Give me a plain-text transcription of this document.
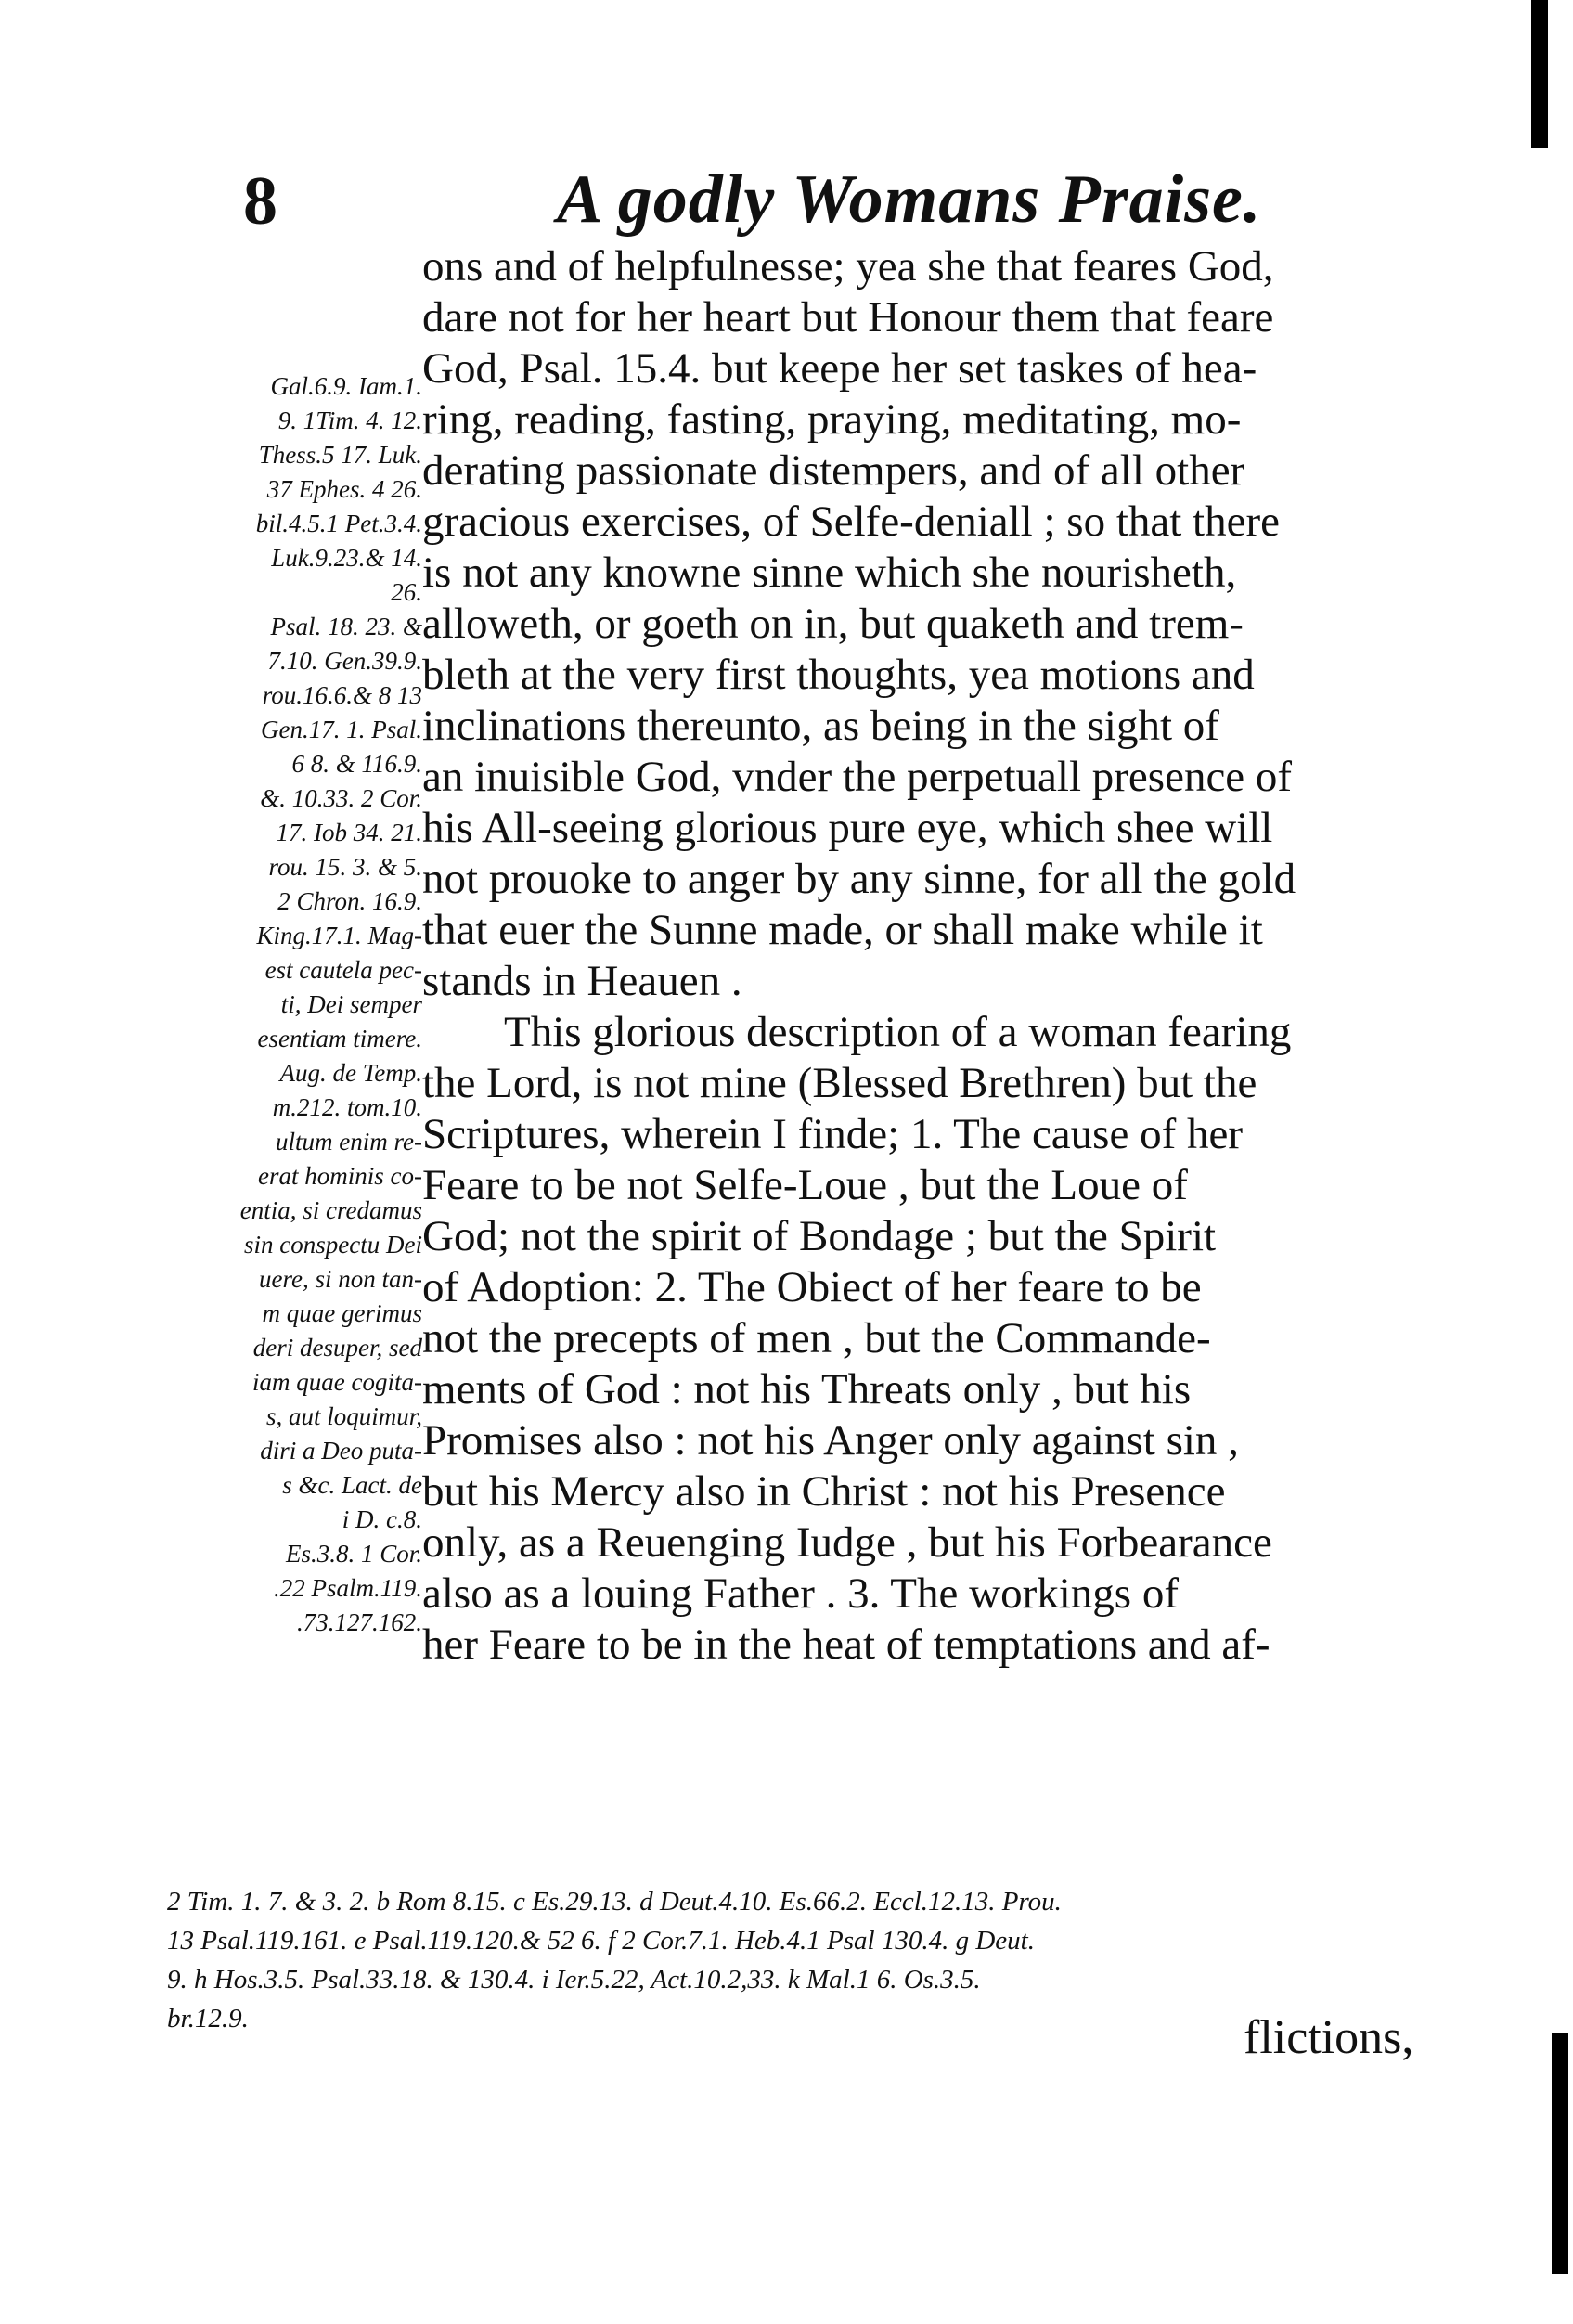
8	A godly Womans Praise.
Gal.6.9. Iam.1.
9. 1Tim. 4. 12.
Thess.5 17. Luk.
37 Ephes. 4 26.
bil.4.5.1 Pet.3.4.
Luk.9.23.& 14.
26.
Psal. 18. 23. &
7.10. Gen.39.9.
rou.16.6.& 8 13
Gen.17. 1. Psal.
6 8. & 116.9.
&. 10.33. 2 Cor.
17. Iob 34. 21.
rou. 15. 3. & 5.
2 Chron. 16.9.
King.17.1. Mag-
est cautela pec-
ti, Dei semper
esentiam timere.
Aug. de Temp.
m.212. tom.10.
ultum enim re-
erat hominis co-
entia, si credamus
sin conspectu Dei
uere, si non tan-
m quae gerimus
deri desuper, sed
iam quae cogita-
s, aut loquimur,
diri a Deo puta-
s &c. Lact. de
i D. c.8.
Es.3.8. 1 Cor.
.22 Psalm.119.
.73.127.162.
ons and of helpfulnesse; yea she that feares God,
dare not for her heart but Honour them that feare
God, Psal. 15.4. but keepe her set taskes of hea-
ring, reading, fasting, praying, meditating, mo-
derating passionate distempers, and of all other
gracious exercises, of Selfe-deniall ; so that there
is not any knowne sinne which she nourisheth,
alloweth, or goeth on in, but quaketh and trem-
bleth at the very first thoughts, yea motions and
inclinations thereunto, as being in the sight of
an inuisible God, vnder the perpetuall presence of
his All-seeing glorious pure eye, which shee will
not prouoke to anger by any sinne, for all the gold
that euer the Sunne made, or shall make while it
stands in Heauen .
This glorious description of a woman fearing
the Lord, is not mine (Blessed Brethren) but the
Scriptures, wherein I finde; 1. The cause of her
Feare to be not Selfe-Loue , but the Loue of
God; not the spirit of Bondage ; but the Spirit
of Adoption: 2. The Obiect of her feare to be
not the precepts of men , but the Commande-
ments of God : not his Threats only , but his
Promises also : not his Anger only against sin ,
but his Mercy also in Christ : not his Presence
only, as a Reuenging Iudge , but his Forbearance
also as a louing Father . 3. The workings of
her Feare to be in the heat of temptations and af-
2 Tim. 1. 7. & 3. 2. b Rom 8.15. c Es.29.13. d Deut.4.10. Es.66.2. Eccl.12.13. Prou.
13 Psal.119.161. e Psal.119.120.& 52 6. f 2 Cor.7.1. Heb.4.1 Psal 130.4. g Deut.
9. h Hos.3.5. Psal.33.18. & 130.4. i Ier.5.22, Act.10.2,33. k Mal.1 6. Os.3.5.
br.12.9.	flictions,
